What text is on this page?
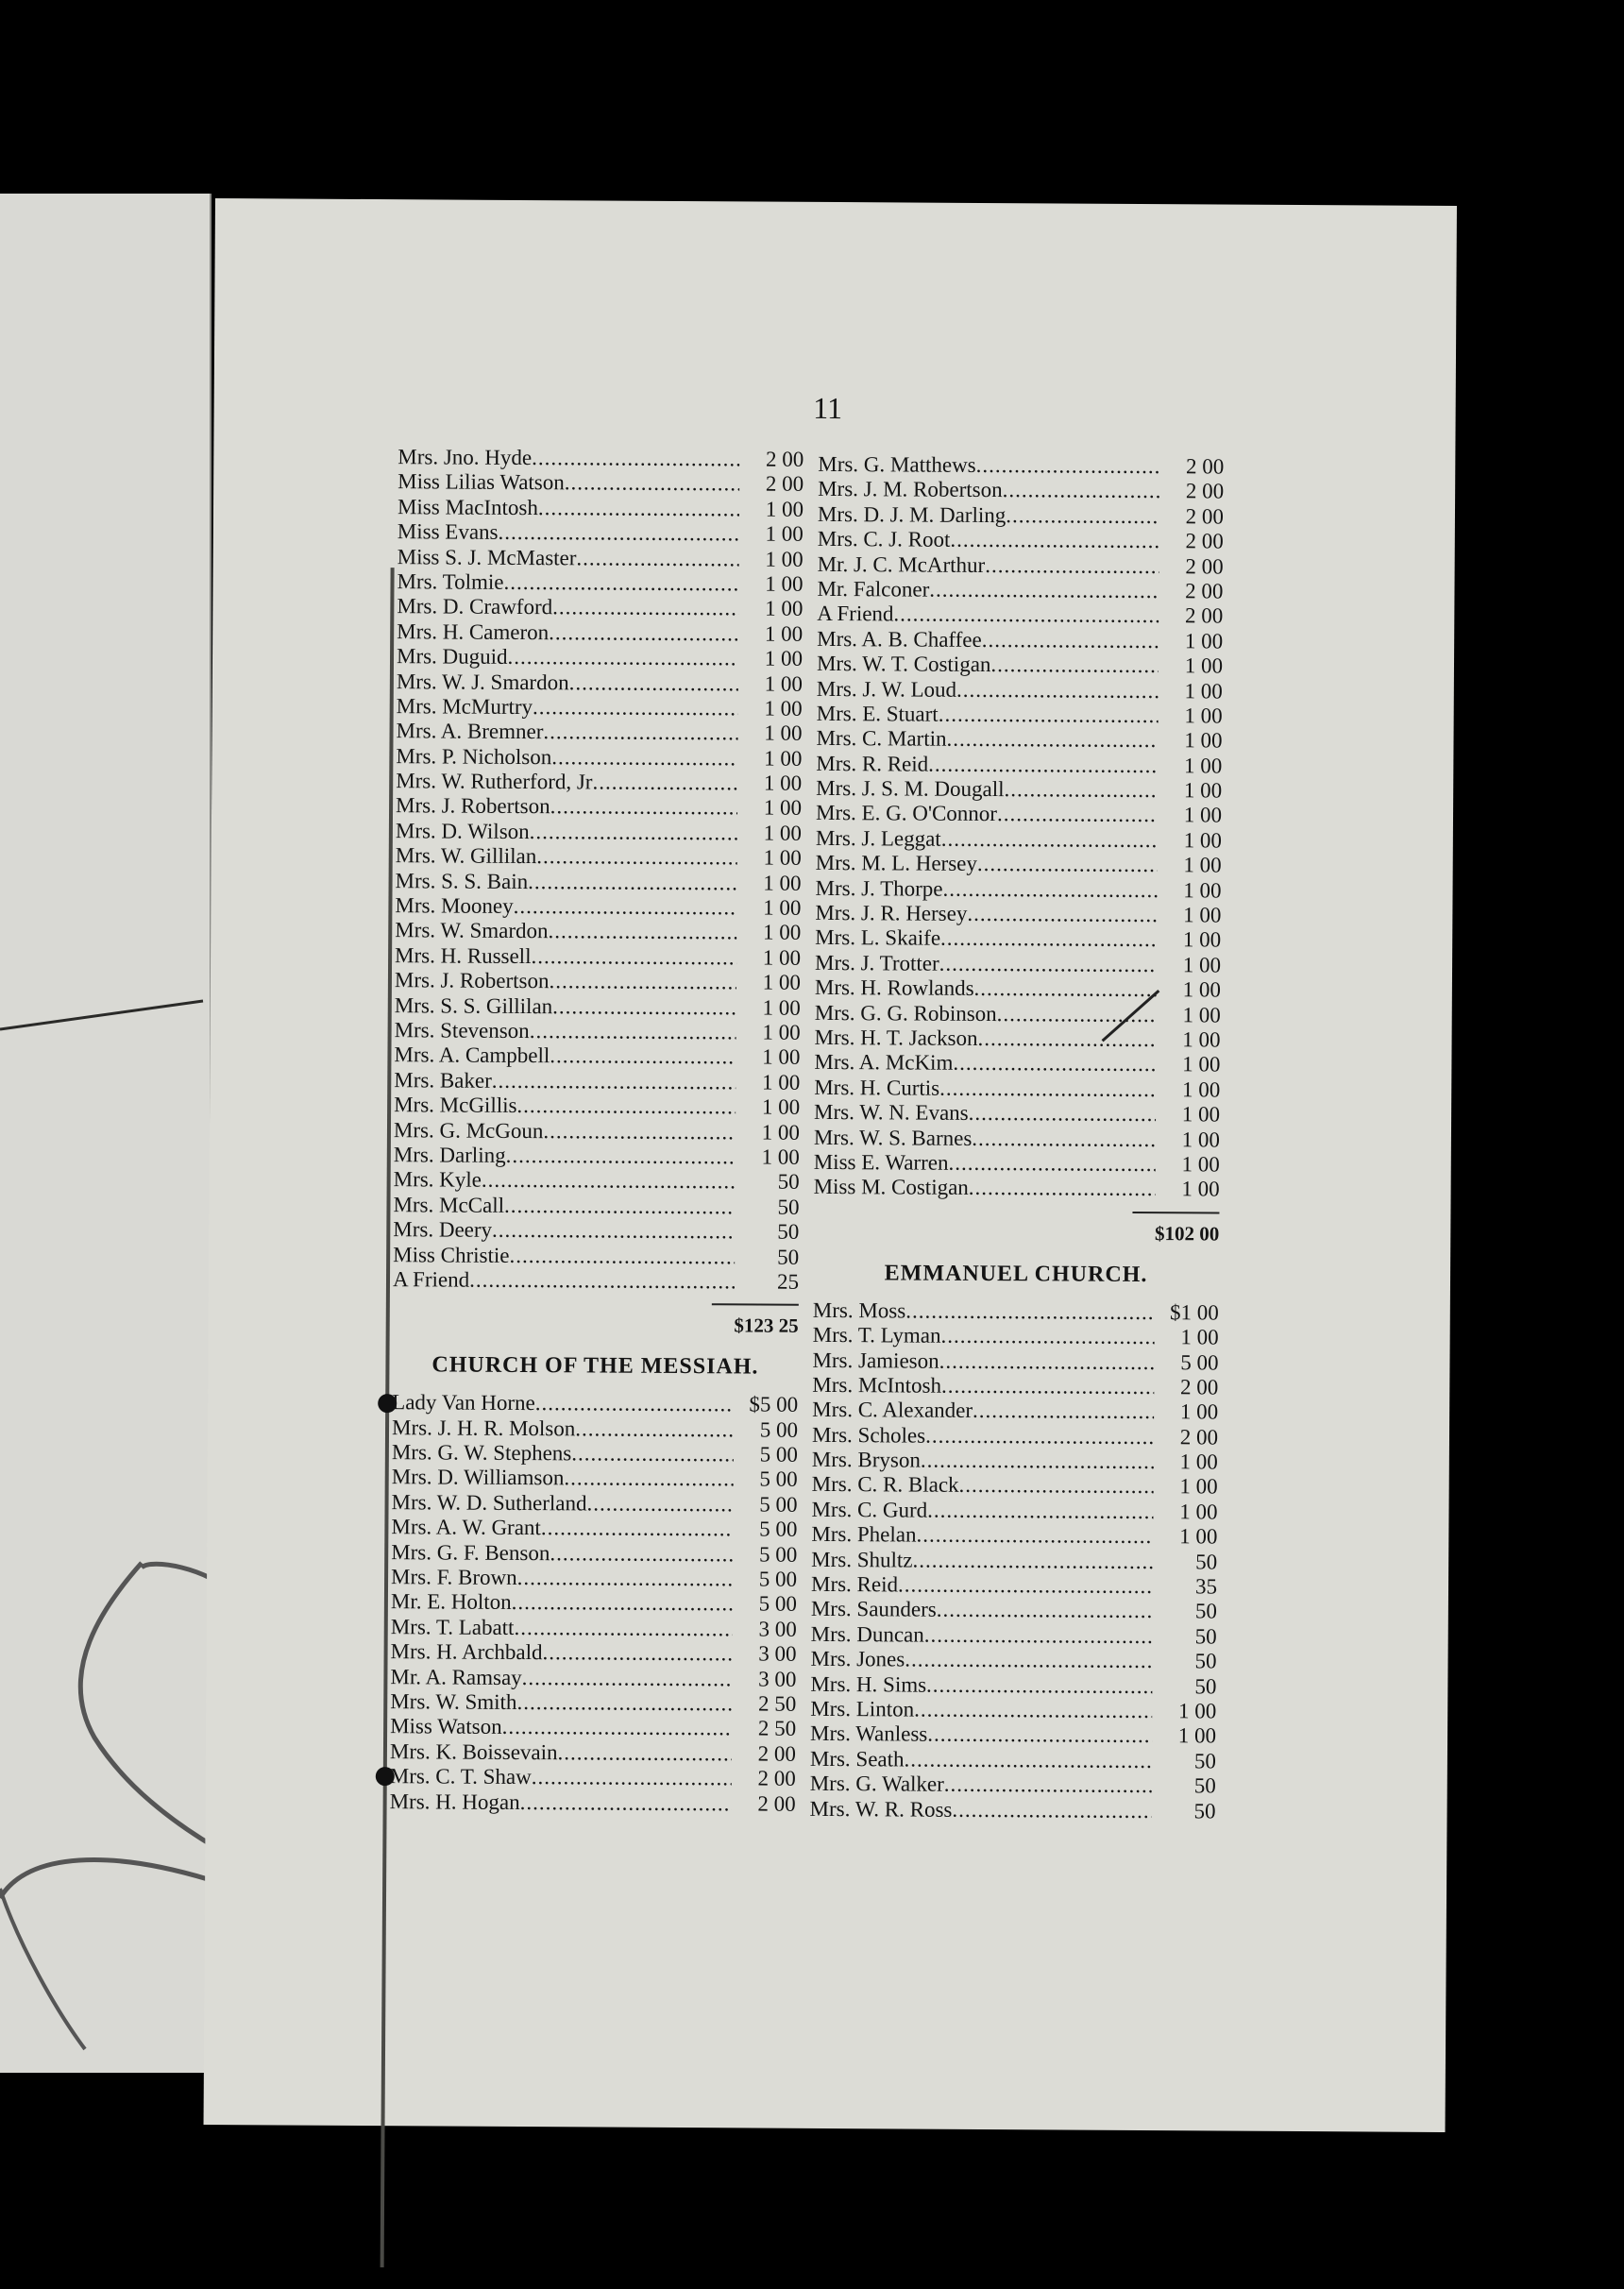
11
Mrs. Jno. Hyde .....	2 00
Miss Lilias Watson .....	2 00
Miss MacIntosh .....	1 00
Miss Evans .....	1 00
Miss S. J. McMaster .....	1 00
Mrs. Tolmie .....	1 00
Mrs. D. Crawford .....	1 00
Mrs. H. Cameron .....	1 00
Mrs. Duguid .....	1 00
Mrs. W. J. Smardon .....	1 00
Mrs. McMurtry .....	1 00
Mrs. A. Bremner .....	1 00
Mrs. P. Nicholson .....	1 00
Mrs. W. Rutherford, Jr .....	1 00
Mrs. J. Robertson .....	1 00
Mrs. D. Wilson .....	1 00
Mrs. W. Gillilan .....	1 00
Mrs. S. S. Bain .....	1 00
Mrs. Mooney .....	1 00
Mrs. W. Smardon .....	1 00
Mrs. H. Russell .....	1 00
Mrs. J. Robertson .....	1 00
Mrs. S. S. Gillilan .....	1 00
Mrs. Stevenson .....	1 00
Mrs. A. Campbell .....	1 00
Mrs. Baker .....	1 00
Mrs. McGillis .....	1 00
Mrs. G. McGoun .....	1 00
Mrs. Darling .....	1 00
Mrs. Kyle .....	50
Mrs. McCall .....	50
Mrs. Deery .....	50
Miss Christie .....	50
A Friend .....	25
$123 25
CHURCH OF THE MESSIAH.
Lady Van Horne .....	$5 00
Mrs. J. H. R. Molson .....	5 00
Mrs. G. W. Stephens .....	5 00
Mrs. D. Williamson .....	5 00
Mrs. W. D. Sutherland .....	5 00
Mrs. A. W. Grant .....	5 00
Mrs. G. F. Benson .....	5 00
Mrs. F. Brown .....	5 00
Mr. E. Holton .....	5 00
Mrs. T. Labatt .....	3 00
Mrs. H. Archbald .....	3 00
Mr. A. Ramsay .....	3 00
Mrs. W. Smith .....	2 50
Miss Watson .....	2 50
Mrs. K. Boissevain .....	2 00
Mrs. C. T. Shaw .....	2 00
Mrs. H. Hogan .....	2 00
Mrs. G. Matthews .....	2 00
Mrs. J. M. Robertson .....	2 00
Mrs. D. J. M. Darling .....	2 00
Mrs. C. J. Root .....	2 00
Mr. J. C. McArthur .....	2 00
Mr. Falconer .....	2 00
A Friend .....	2 00
Mrs. A. B. Chaffee .....	1 00
Mrs. W. T. Costigan .....	1 00
Mrs. J. W. Loud .....	1 00
Mrs. E. Stuart .....	1 00
Mrs. C. Martin .....	1 00
Mrs. R. Reid .....	1 00
Mrs. J. S. M. Dougall .....	1 00
Mrs. E. G. O'Connor .....	1 00
Mrs. J. Leggat .....	1 00
Mrs. M. L. Hersey .....	1 00
Mrs. J. Thorpe .....	1 00
Mrs. J. R. Hersey .....	1 00
Mrs. L. Skaife .....	1 00
Mrs. J. Trotter .....	1 00
Mrs. H. Rowlands .....	1 00
Mrs. G. G. Robinson .....	1 00
Mrs. H. T. Jackson .....	1 00
Mrs. A. McKim .....	1 00
Mrs. H. Curtis .....	1 00
Mrs. W. N. Evans .....	1 00
Mrs. W. S. Barnes .....	1 00
Miss E. Warren .....	1 00
Miss M. Costigan .....	1 00
$102 00
EMMANUEL CHURCH.
Mrs. Moss .....	$1 00
Mrs. T. Lyman .....	1 00
Mrs. Jamieson .....	5 00
Mrs. McIntosh .....	2 00
Mrs. C. Alexander .....	1 00
Mrs. Scholes .....	2 00
Mrs. Bryson .....	1 00
Mrs. C. R. Black .....	1 00
Mrs. C. Gurd .....	1 00
Mrs. Phelan .....	1 00
Mrs. Shultz .....	50
Mrs. Reid .....	35
Mrs. Saunders .....	50
Mrs. Duncan .....	50
Mrs. Jones .....	50
Mrs. H. Sims .....	50
Mrs. Linton .....	1 00
Mrs. Wanless .....	1 00
Mrs. Seath .....	50
Mrs. G. Walker .....	50
Mrs. W. R. Ross .....	50
